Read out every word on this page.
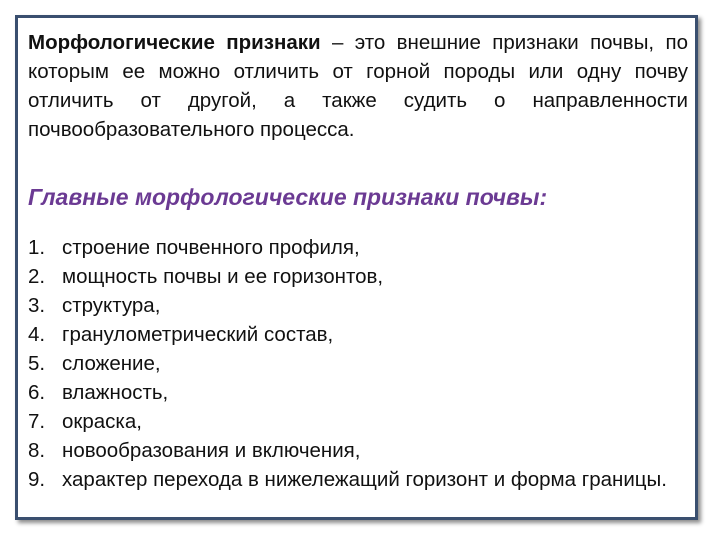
Морфологические признаки – это внешние признаки почвы, по которым ее можно отличить от горной породы или одну почву отличить от другой, а также судить о направленности почвообразовательного процесса.

Главные морфологические признаки почвы:
1. строение почвенного профиля,
2. мощность почвы и ее горизонтов,
3. структура,
4. гранулометрический состав,
5. сложение,
6. влажность,
7. окраска,
8. новообразования и включения,
9. характер перехода в нижележащий горизонт и форма границы.
